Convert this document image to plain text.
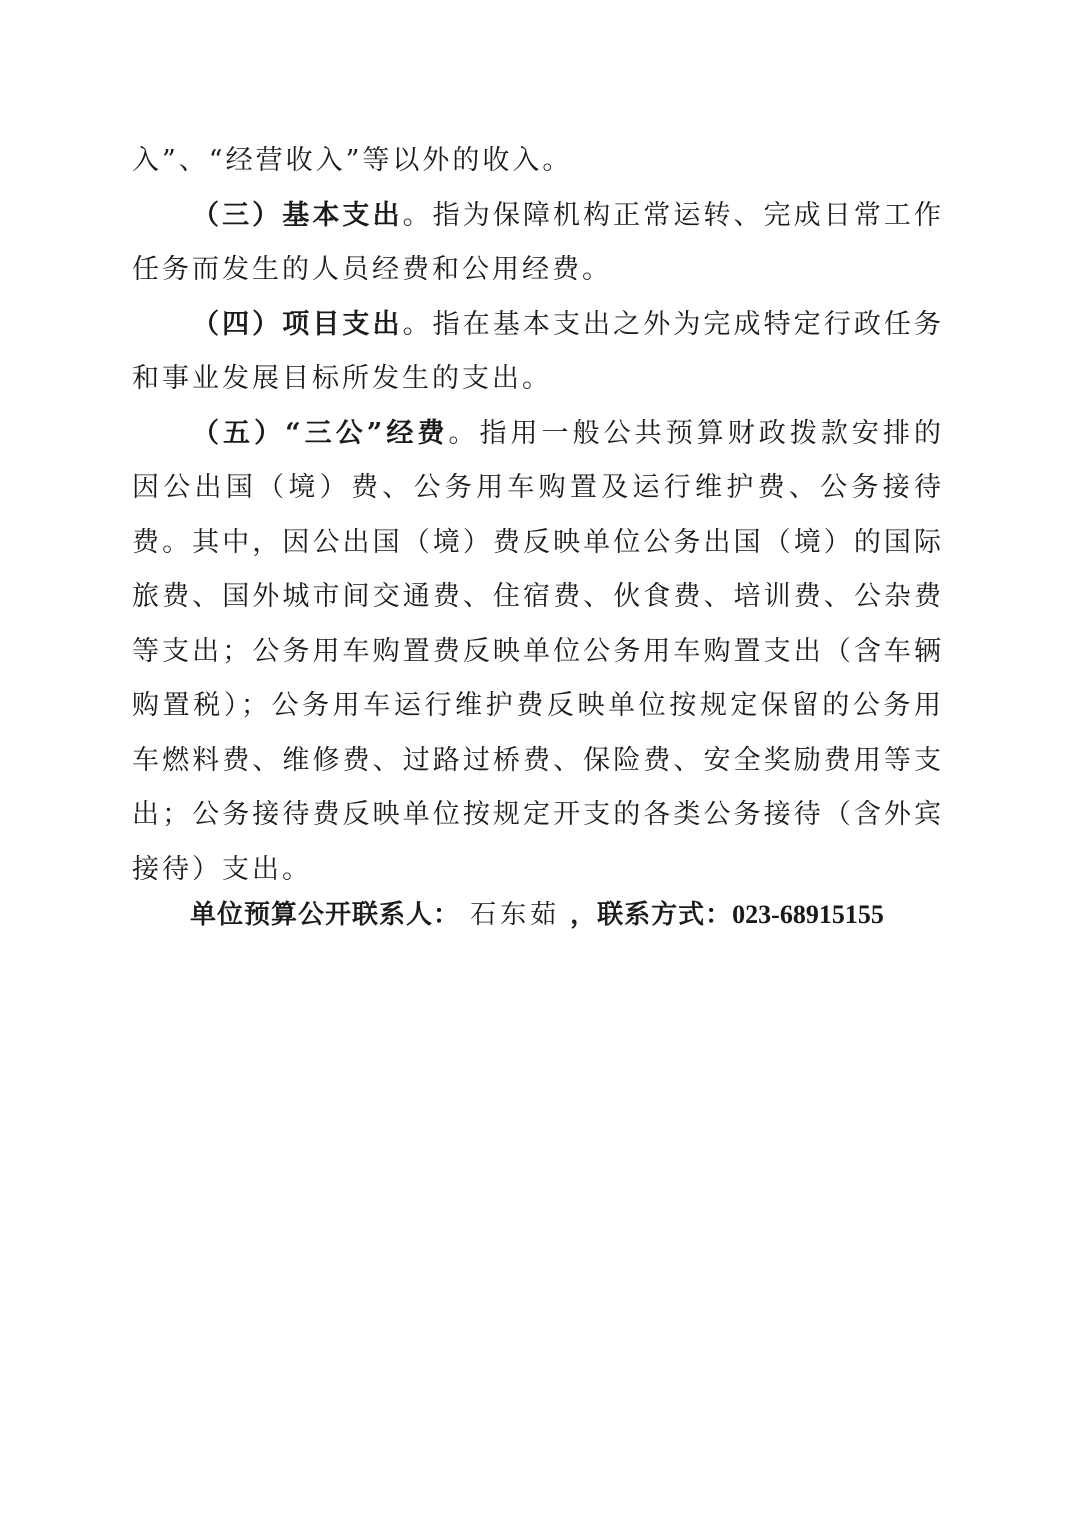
入”、“经营收入”等以外的收入。

（三）基本支出。指为保障机构正常运转、完成日常工作任务而发生的人员经费和公用经费。

（四）项目支出。指在基本支出之外为完成特定行政任务和事业发展目标所发生的支出。

（五）“三公”经费。指用一般公共预算财政拨款安排的因公出国（境）费、公务用车购置及运行维护费、公务接待费。其中，因公出国（境）费反映单位公务出国（境）的国际旅费、国外城市间交通费、住宿费、伙食费、培训费、公杂费等支出；公务用车购置费反映单位公务用车购置支出（含车辆购置税）；公务用车运行维护费反映单位按规定保留的公务用车燃料费、维修费、过路过桥费、保险费、安全奖励费用等支出；公务接待费反映单位按规定开支的各类公务接待（含外宾接待）支出。

单位预算公开联系人： 石东茹 ，联系方式：023-68915155
